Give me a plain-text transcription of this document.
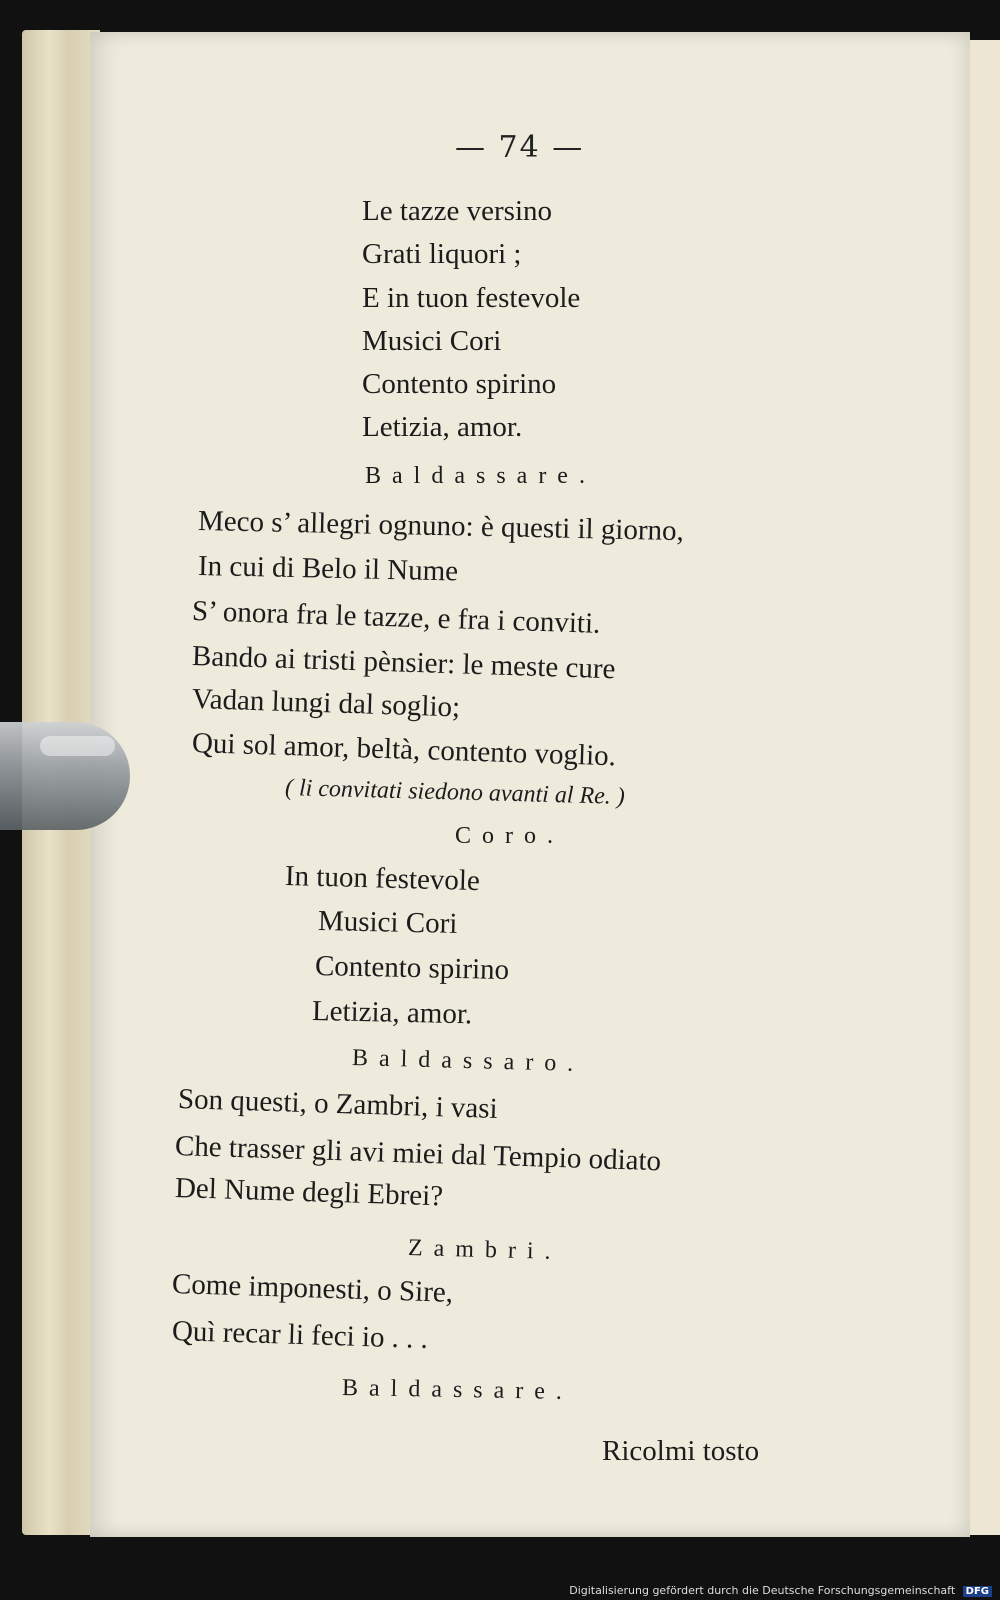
— 74 —
Le tazze versino
Grati liquori ;
E in tuon festevole
Musici Cori
Contento spirino
Letizia, amor.
Baldassare.
Meco s’ allegri ognuno: è questi il giorno,
In cui di Belo il Nume
S’ onora fra le tazze, e fra i conviti.
Bando ai tristi pènsier: le meste cure
Vadan lungi dal soglio;
Qui sol amor, beltà, contento voglio.
( li convitati siedono avanti al Re. )
Coro.
In tuon festevole
Musici Cori
Contento spirino
Letizia, amor.
Baldassaro.
Son questi, o Zambri, i vasi
Che trasser gli avi miei dal Tempio odiato
Del Nume degli Ebrei?
Zambri.
Come imponesti, o Sire,
Quì recar li feci io . . .
Baldassare.
Ricolmi tosto
Digitalisierung gefördert durch die Deutsche Forschungsgemeinschaft DFG
